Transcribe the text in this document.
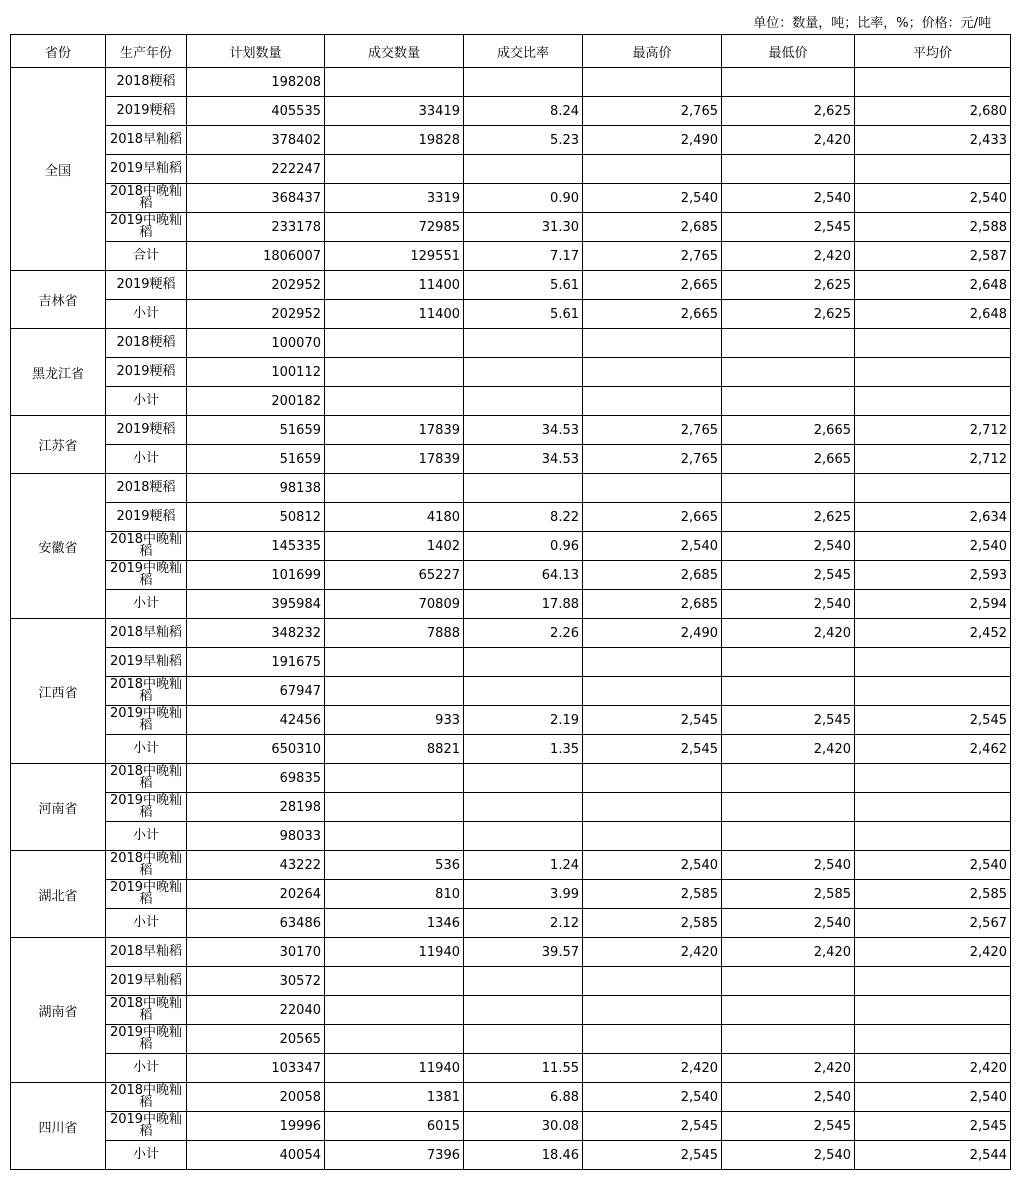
单位：数量，吨；比率，%；价格：元/吨
省份	生产年份	计划数量	成交数量	成交比率	最高价	最低价	平均价
全国	2018粳稻	198208					
	2019粳稻	405535	33419	8.24	2,765	2,625	2,680
	2018早籼稻	378402	19828	5.23	2,490	2,420	2,433
	2019早籼稻	222247					
	2018中晚籼稻	368437	3319	0.90	2,540	2,540	2,540
	2019中晚籼稻	233178	72985	31.30	2,685	2,545	2,588
	合计	1806007	129551	7.17	2,765	2,420	2,587
吉林省	2019粳稻	202952	11400	5.61	2,665	2,625	2,648
	小计	202952	11400	5.61	2,665	2,625	2,648
黑龙江省	2018粳稻	100070					
	2019粳稻	100112					
	小计	200182					
江苏省	2019粳稻	51659	17839	34.53	2,765	2,665	2,712
	小计	51659	17839	34.53	2,765	2,665	2,712
安徽省	2018粳稻	98138					
	2019粳稻	50812	4180	8.22	2,665	2,625	2,634
	2018中晚籼稻	145335	1402	0.96	2,540	2,540	2,540
	2019中晚籼稻	101699	65227	64.13	2,685	2,545	2,593
	小计	395984	70809	17.88	2,685	2,540	2,594
江西省	2018早籼稻	348232	7888	2.26	2,490	2,420	2,452
	2019早籼稻	191675					
	2018中晚籼稻	67947					
	2019中晚籼稻	42456	933	2.19	2,545	2,545	2,545
	小计	650310	8821	1.35	2,545	2,420	2,462
河南省	2018中晚籼稻	69835					
	2019中晚籼稻	28198					
	小计	98033					
湖北省	2018中晚籼稻	43222	536	1.24	2,540	2,540	2,540
	2019中晚籼稻	20264	810	3.99	2,585	2,585	2,585
	小计	63486	1346	2.12	2,585	2,540	2,567
湖南省	2018早籼稻	30170	11940	39.57	2,420	2,420	2,420
	2019早籼稻	30572					
	2018中晚籼稻	22040					
	2019中晚籼稻	20565					
	小计	103347	11940	11.55	2,420	2,420	2,420
四川省	2018中晚籼稻	20058	1381	6.88	2,540	2,540	2,540
	2019中晚籼稻	19996	6015	30.08	2,545	2,545	2,545
	小计	40054	7396	18.46	2,545	2,540	2,544
